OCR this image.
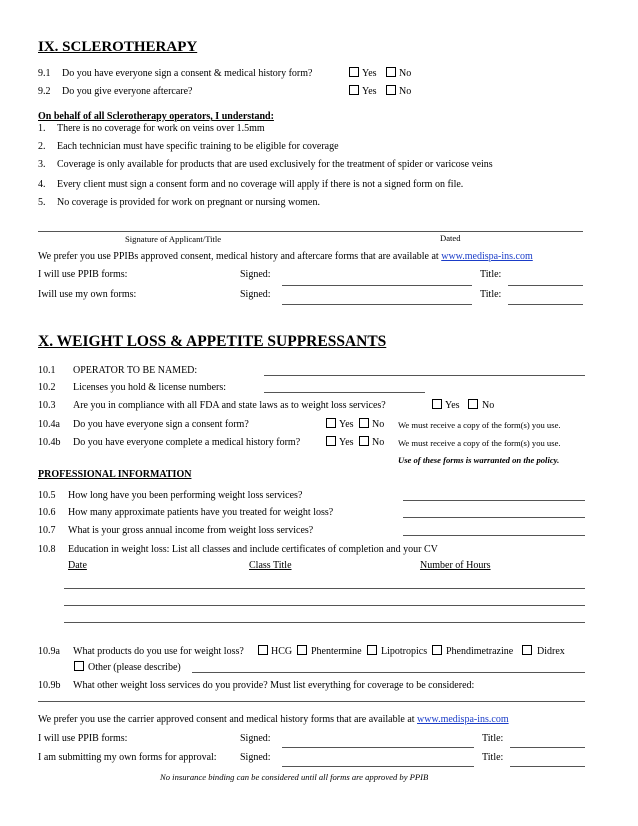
IX. SCLEROTHERAPY
9.1 Do you have everyone sign a consent & medical history form?	Yes No
9.2 Do you give everyone aftercare?	Yes No
On behalf of all Sclerotherapy operators, I understand:
1. There is no coverage for work on veins over 1.5mm
2. Each technician must have specific training to be eligible for coverage
3. Coverage is only available for products that are used exclusively for the treatment of spider or varicose veins
4. Every client must sign a consent form and no coverage will apply if there is not a signed form on file.
5. No coverage is provided for work on pregnant or nursing women.
Signature of Applicant/Title	Dated
We prefer you use PPIBs approved consent, medical history and aftercare forms that are available at www.medispa-ins.com
I will use PPIB forms:	Signed:	Title:
Iwill use my own forms:	Signed:	Title:
X. WEIGHT LOSS & APPETITE SUPPRESSANTS
10.1 OPERATOR TO BE NAMED:
10.2 Licenses you hold & license numbers:
10.3 Are you in compliance with all FDA and state laws as to weight loss services?	Yes No
10.4a Do you have everyone sign a consent form?	Yes No We must receive a copy of the form(s) you use.
10.4b Do you have everyone complete a medical history form?	Yes No We must receive a copy of the form(s) you use.
Use of these forms is warranted on the policy.
PROFESSIONAL INFORMATION
10.5 How long have you been performing weight loss services?
10.6 How many approximate patients have you treated for weight loss?
10.7 What is your gross annual income from weight loss services?
10.8 Education in weight loss: List all classes and include certificates of completion and your CV
Date	Class Title	Number of Hours
10.9a What products do you use for weight loss?	HCG Phentermine Lipotropics Phendimetrazine Didrex
Other (please describe)
10.9b What other weight loss services do you provide? Must list everything for coverage to be considered:
We prefer you use the carrier approved consent and medical history forms that are available at www.medispa-ins.com
I will use PPIB forms:	Signed:	Title:
I am submitting my own forms for approval: Signed:	Title:
No insurance binding can be considered until all forms are approved by PPIB
